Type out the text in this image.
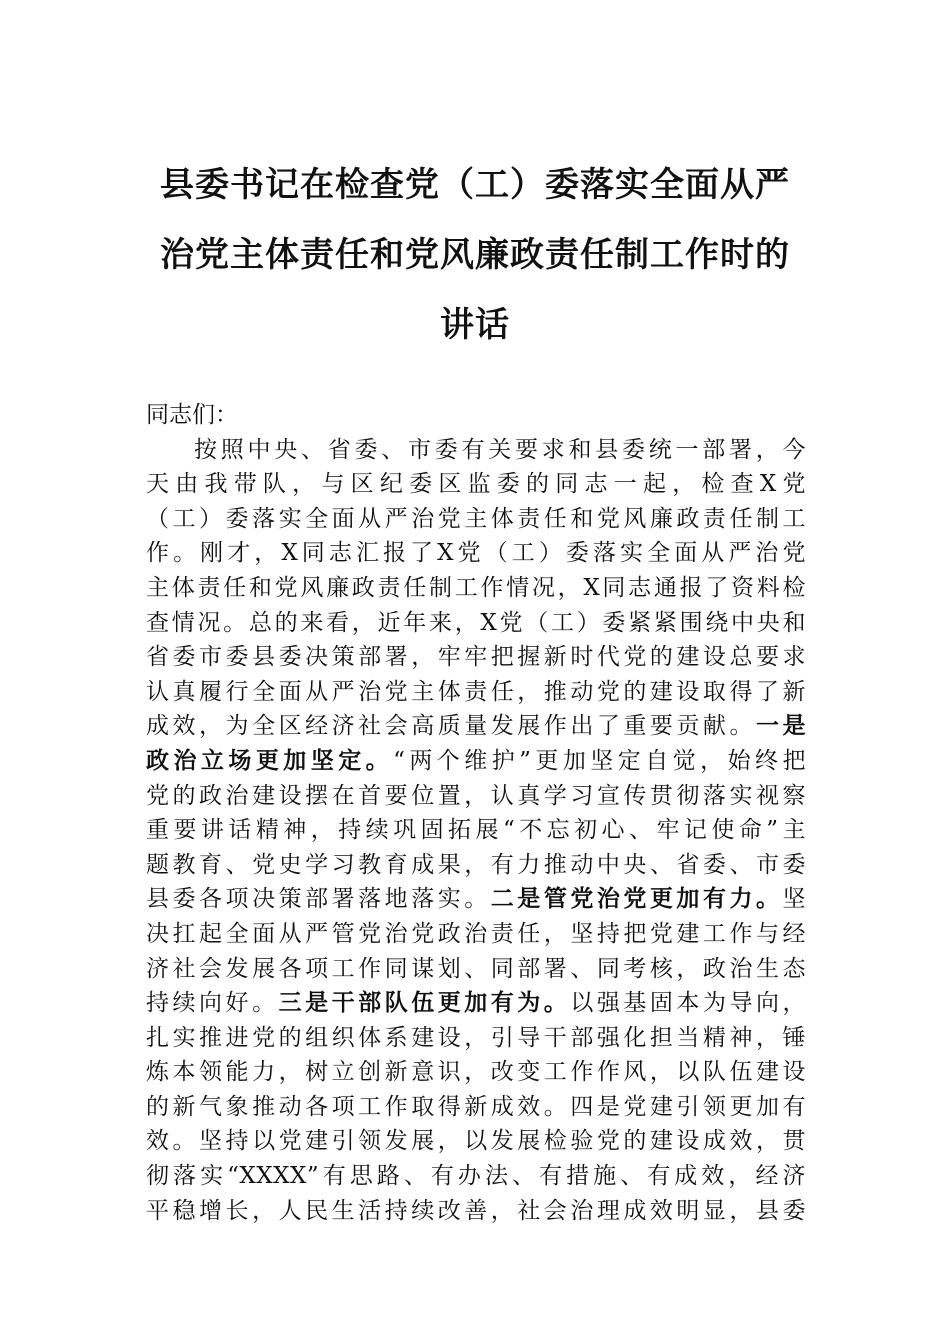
县委书记在检查党（工）委落实全面从严
治党主体责任和党风廉政责任制工作时的
讲话

同志们：

按照中央、省委、市委有关要求和县委统一部署，今
天由我带队，与区纪委区监委的同志一起，检查X党
（工）委落实全面从严治党主体责任和党风廉政责任制工
作。刚才，X同志汇报了X党（工）委落实全面从严治党
主体责任和党风廉政责任制工作情况，X同志通报了资料检
查情况。总的来看，近年来，X党（工）委紧紧围绕中央和
省委市委县委决策部署，牢牢把握新时代党的建设总要求
认真履行全面从严治党主体责任，推动党的建设取得了新
成效，为全区经济社会高质量发展作出了重要贡献。一是
政治立场更加坚定。“两个维护”更加坚定自觉，始终把
党的政治建设摆在首要位置，认真学习宣传贯彻落实视察
重要讲话精神，持续巩固拓展“不忘初心、牢记使命”主
题教育、党史学习教育成果，有力推动中央、省委、市委
县委各项决策部署落地落实。二是管党治党更加有力。坚
决扛起全面从严管党治党政治责任，坚持把党建工作与经
济社会发展各项工作同谋划、同部署、同考核，政治生态
持续向好。三是干部队伍更加有为。以强基固本为导向，
扎实推进党的组织体系建设，引导干部强化担当精神，锤
炼本领能力，树立创新意识，改变工作作风，以队伍建设
的新气象推动各项工作取得新成效。四是党建引领更加有
效。坚持以党建引领发展，以发展检验党的建设成效，贯
彻落实“XXXX”有思路、有办法、有措施、有成效，经济
平稳增长，人民生活持续改善，社会治理成效明显，县委
